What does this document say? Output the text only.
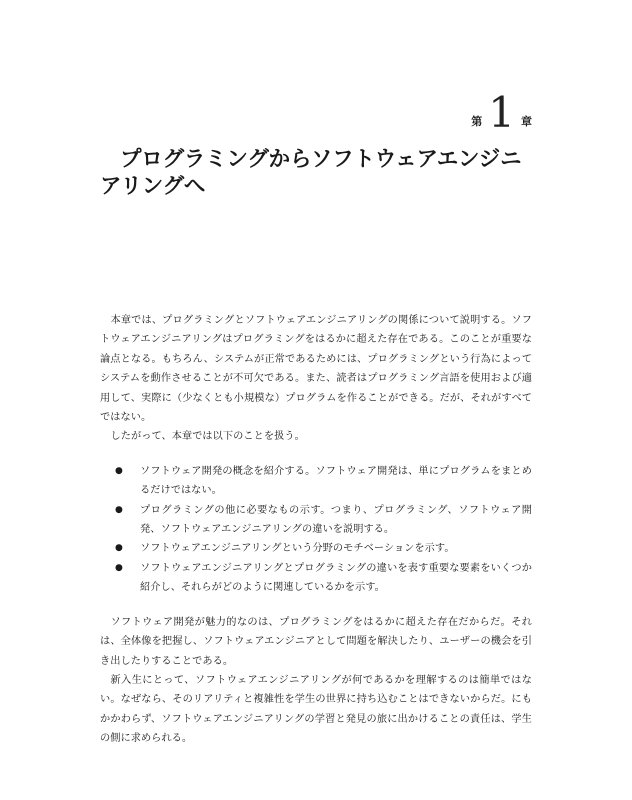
第 1 章
プログラミングからソフトウェアエンジニアリングへ

本章では、プログラミングとソフトウェアエンジニアリングの関係について説明する。ソフトウェアエンジニアリングはプログラミングをはるかに超えた存在である。このことが重要な論点となる。もちろん、システムが正常であるためには、プログラミングという行為によってシステムを動作させることが不可欠である。また、読者はプログラミング言語を使用および適用して、実際に（少なくとも小規模な）プログラムを作ることができる。だが、それがすべてではない。

したがって、本章では以下のことを扱う。

● ソフトウェア開発の概念を紹介する。ソフトウェア開発は、単にプログラムをまとめるだけではない。
● プログラミングの他に必要なもの示す。つまり、プログラミング、ソフトウェア開発、ソフトウェアエンジニアリングの違いを説明する。
● ソフトウェアエンジニアリングという分野のモチベーションを示す。
● ソフトウェアエンジニアリングとプログラミングの違いを表す重要な要素をいくつか紹介し、それらがどのように関連しているかを示す。

ソフトウェア開発が魅力的なのは、プログラミングをはるかに超えた存在だからだ。それは、全体像を把握し、ソフトウェアエンジニアとして問題を解決したり、ユーザーの機会を引き出したりすることである。

新入生にとって、ソフトウェアエンジニアリングが何であるかを理解するのは簡単ではない。なぜなら、そのリアリティと複雑性を学生の世界に持ち込むことはできないからだ。にもかかわらず、ソフトウェアエンジニアリングの学習と発見の旅に出かけることの責任は、学生の側に求められる。
